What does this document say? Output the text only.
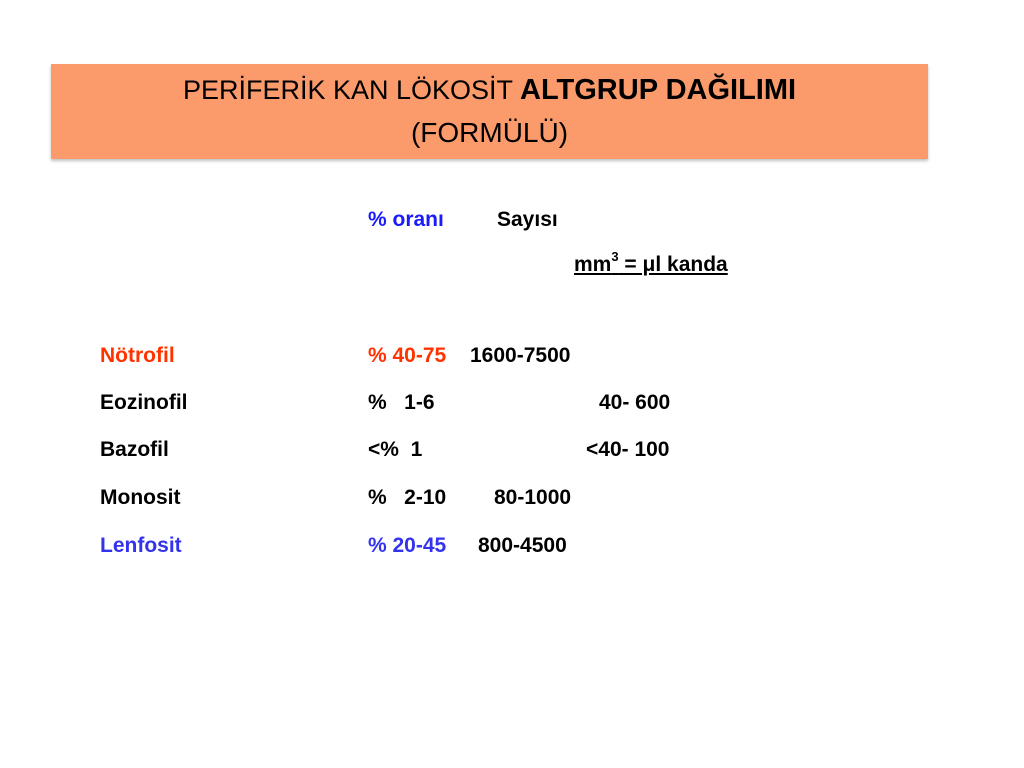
PERİFERİK KAN LÖKOSİT ALTGRUP DAĞILIMI
(FORMÜLÜ)
% oranı	Sayısı
$mm^3 = \mu l$ kanda
Nötrofil	% 40-75 1600-7500
Eozinofil	%   1-6	40- 600
Bazofil	<%  1	<40- 100
Monosit	%   2-10 80-1000
Lenfosit	% 20-45 800-4500
